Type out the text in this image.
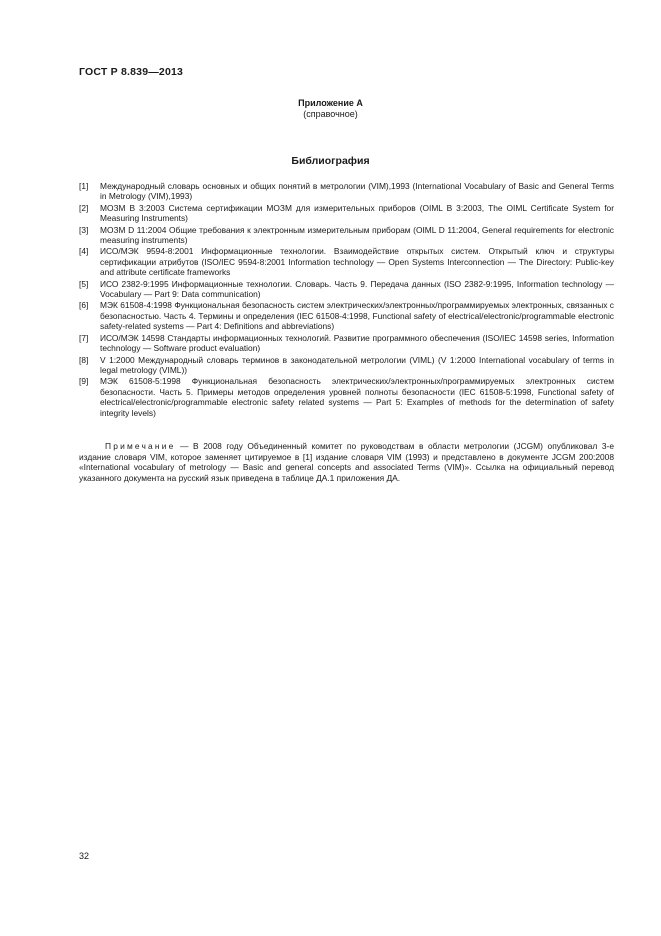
ГОСТ Р 8.839—2013
Приложение А
(справочное)
Библиография
[1]	Международный словарь основных и общих понятий в метрологии (VIM),1993 (International Vocabulary of Basic and General Terms in Metrology (VIM),1993)
[2]	МОЗМ В 3:2003 Система сертификации МОЗМ для измерительных приборов (OIML В 3:2003, The OIML Certificate System for Measuring Instruments)
[3]	МОЗМ D 11:2004 Общие требования к электронным измерительным приборам (OIML D 11:2004, General requirements for electronic measuring instruments)
[4]	ИСО/МЭК 9594-8:2001 Информационные технологии. Взаимодействие открытых систем. Открытый ключ и структуры сертификации атрибутов (ISO/IEC 9594-8:2001 Information technology — Open Systems Interconnection — The Directory: Public-key and attribute certificate frameworks
[5]	ИСО 2382-9:1995 Информационные технологии. Словарь. Часть 9. Передача данных (ISO 2382-9:1995, Information technology — Vocabulary — Part 9: Data communication)
[6]	МЭК 61508-4:1998 Функциональная безопасность систем электрических/электронных/программируемых электронных, связанных с безопасностью. Часть 4. Термины и определения (IEC 61508-4:1998, Functional safety of electrical/electronic/programmable electronic safety-related systems — Part 4: Definitions and abbreviations)
[7]	ИСО/МЭК 14598 Стандарты информационных технологий. Развитие программного обеспечения (ISO/IEC 14598 series, Information technology — Software product evaluation)
[8]	V 1:2000 Международный словарь терминов в законодательной метрологии (VIML) (V 1:2000 International vocabulary of terms in legal metrology (VIML))
[9]	МЭК 61508-5:1998 Функциональная безопасность электрических/электронных/программируемых электронных систем безопасности. Часть 5. Примеры методов определения уровней полноты безопасности (IEC 61508-5:1998, Functional safety of electrical/electronic/programmable electronic safety related systems — Part 5: Examples of methods for the determination of safety integrity levels)
Примечание — В 2008 году Объединенный комитет по руководствам в области метрологии (JCGM) опубликовал 3-е издание словаря VIM, которое заменяет цитируемое в [1] издание словаря VIM (1993) и представлено в документе JCGM 200:2008 «International vocabulary of metrology — Basic and general concepts and associated Terms (VIM)». Ссылка на официальный перевод указанного документа на русский язык приведена в таблице ДА.1 приложения ДА.
32
